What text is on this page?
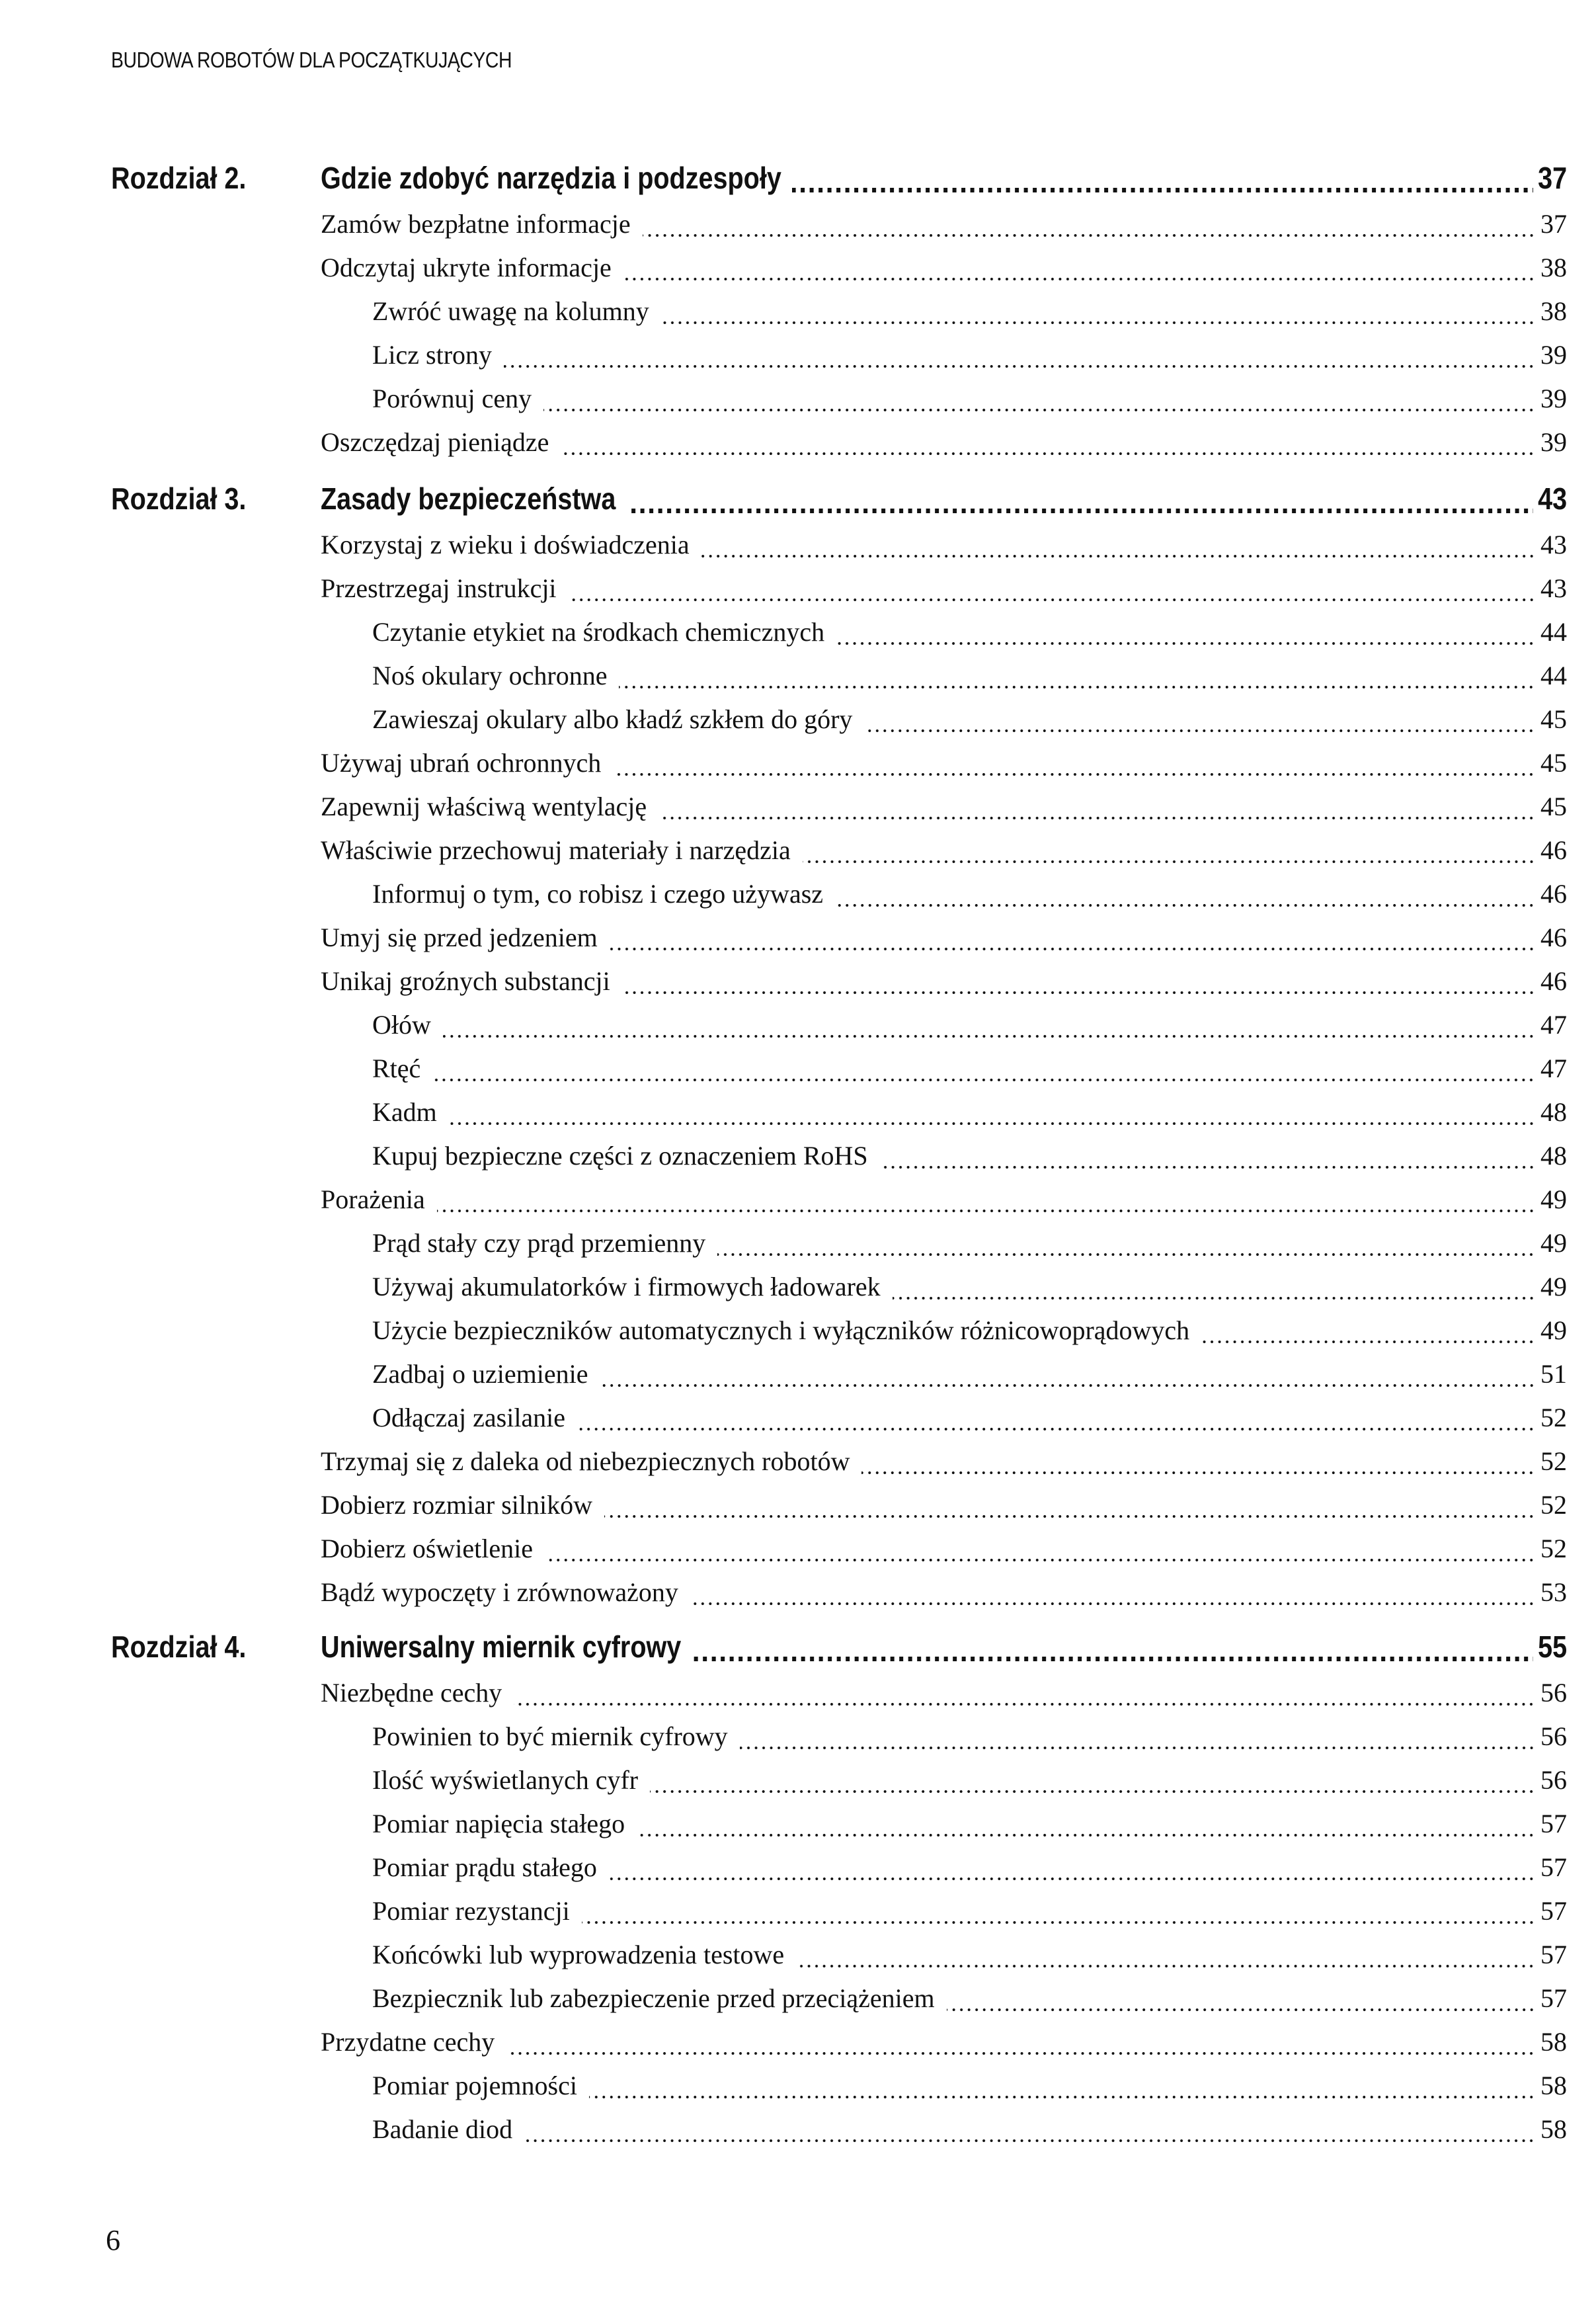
BUDOWA ROBOTÓW DLA POCZĄTKUJĄCYCH
Rozdział 2. Gdzie zdobyć narzędzia i podzespoły	37
Zamów bezpłatne informacje	37
Odczytaj ukryte informacje	38
Zwróć uwagę na kolumny	38
Licz strony	39
Porównuj ceny	39
Oszczędzaj pieniądze	39
Rozdział 3. Zasady bezpieczeństwa	43
Korzystaj z wieku i doświadczenia	43
Przestrzegaj instrukcji	43
Czytanie etykiet na środkach chemicznych	44
Noś okulary ochronne	44
Zawieszaj okulary albo kładź szkłem do góry	45
Używaj ubrań ochronnych	45
Zapewnij właściwą wentylację	45
Właściwie przechowuj materiały i narzędzia	46
Informuj o tym, co robisz i czego używasz	46
Umyj się przed jedzeniem	46
Unikaj groźnych substancji	46
Ołów	47
Rtęć	47
Kadm	48
Kupuj bezpieczne części z oznaczeniem RoHS	48
Porażenia	49
Prąd stały czy prąd przemienny	49
Używaj akumulatorków i firmowych ładowarek	49
Użycie bezpieczników automatycznych i wyłączników różnicowoprądowych	49
Zadbaj o uziemienie	51
Odłączaj zasilanie	52
Trzymaj się z daleka od niebezpiecznych robotów	52
Dobierz rozmiar silników	52
Dobierz oświetlenie	52
Bądź wypoczęty i zrównoważony	53
Rozdział 4. Uniwersalny miernik cyfrowy	55
Niezbędne cechy	56
Powinien to być miernik cyfrowy	56
Ilość wyświetlanych cyfr	56
Pomiar napięcia stałego	57
Pomiar prądu stałego	57
Pomiar rezystancji	57
Końcówki lub wyprowadzenia testowe	57
Bezpiecznik lub zabezpieczenie przed przeciążeniem	57
Przydatne cechy	58
Pomiar pojemności	58
Badanie diod	58
6
